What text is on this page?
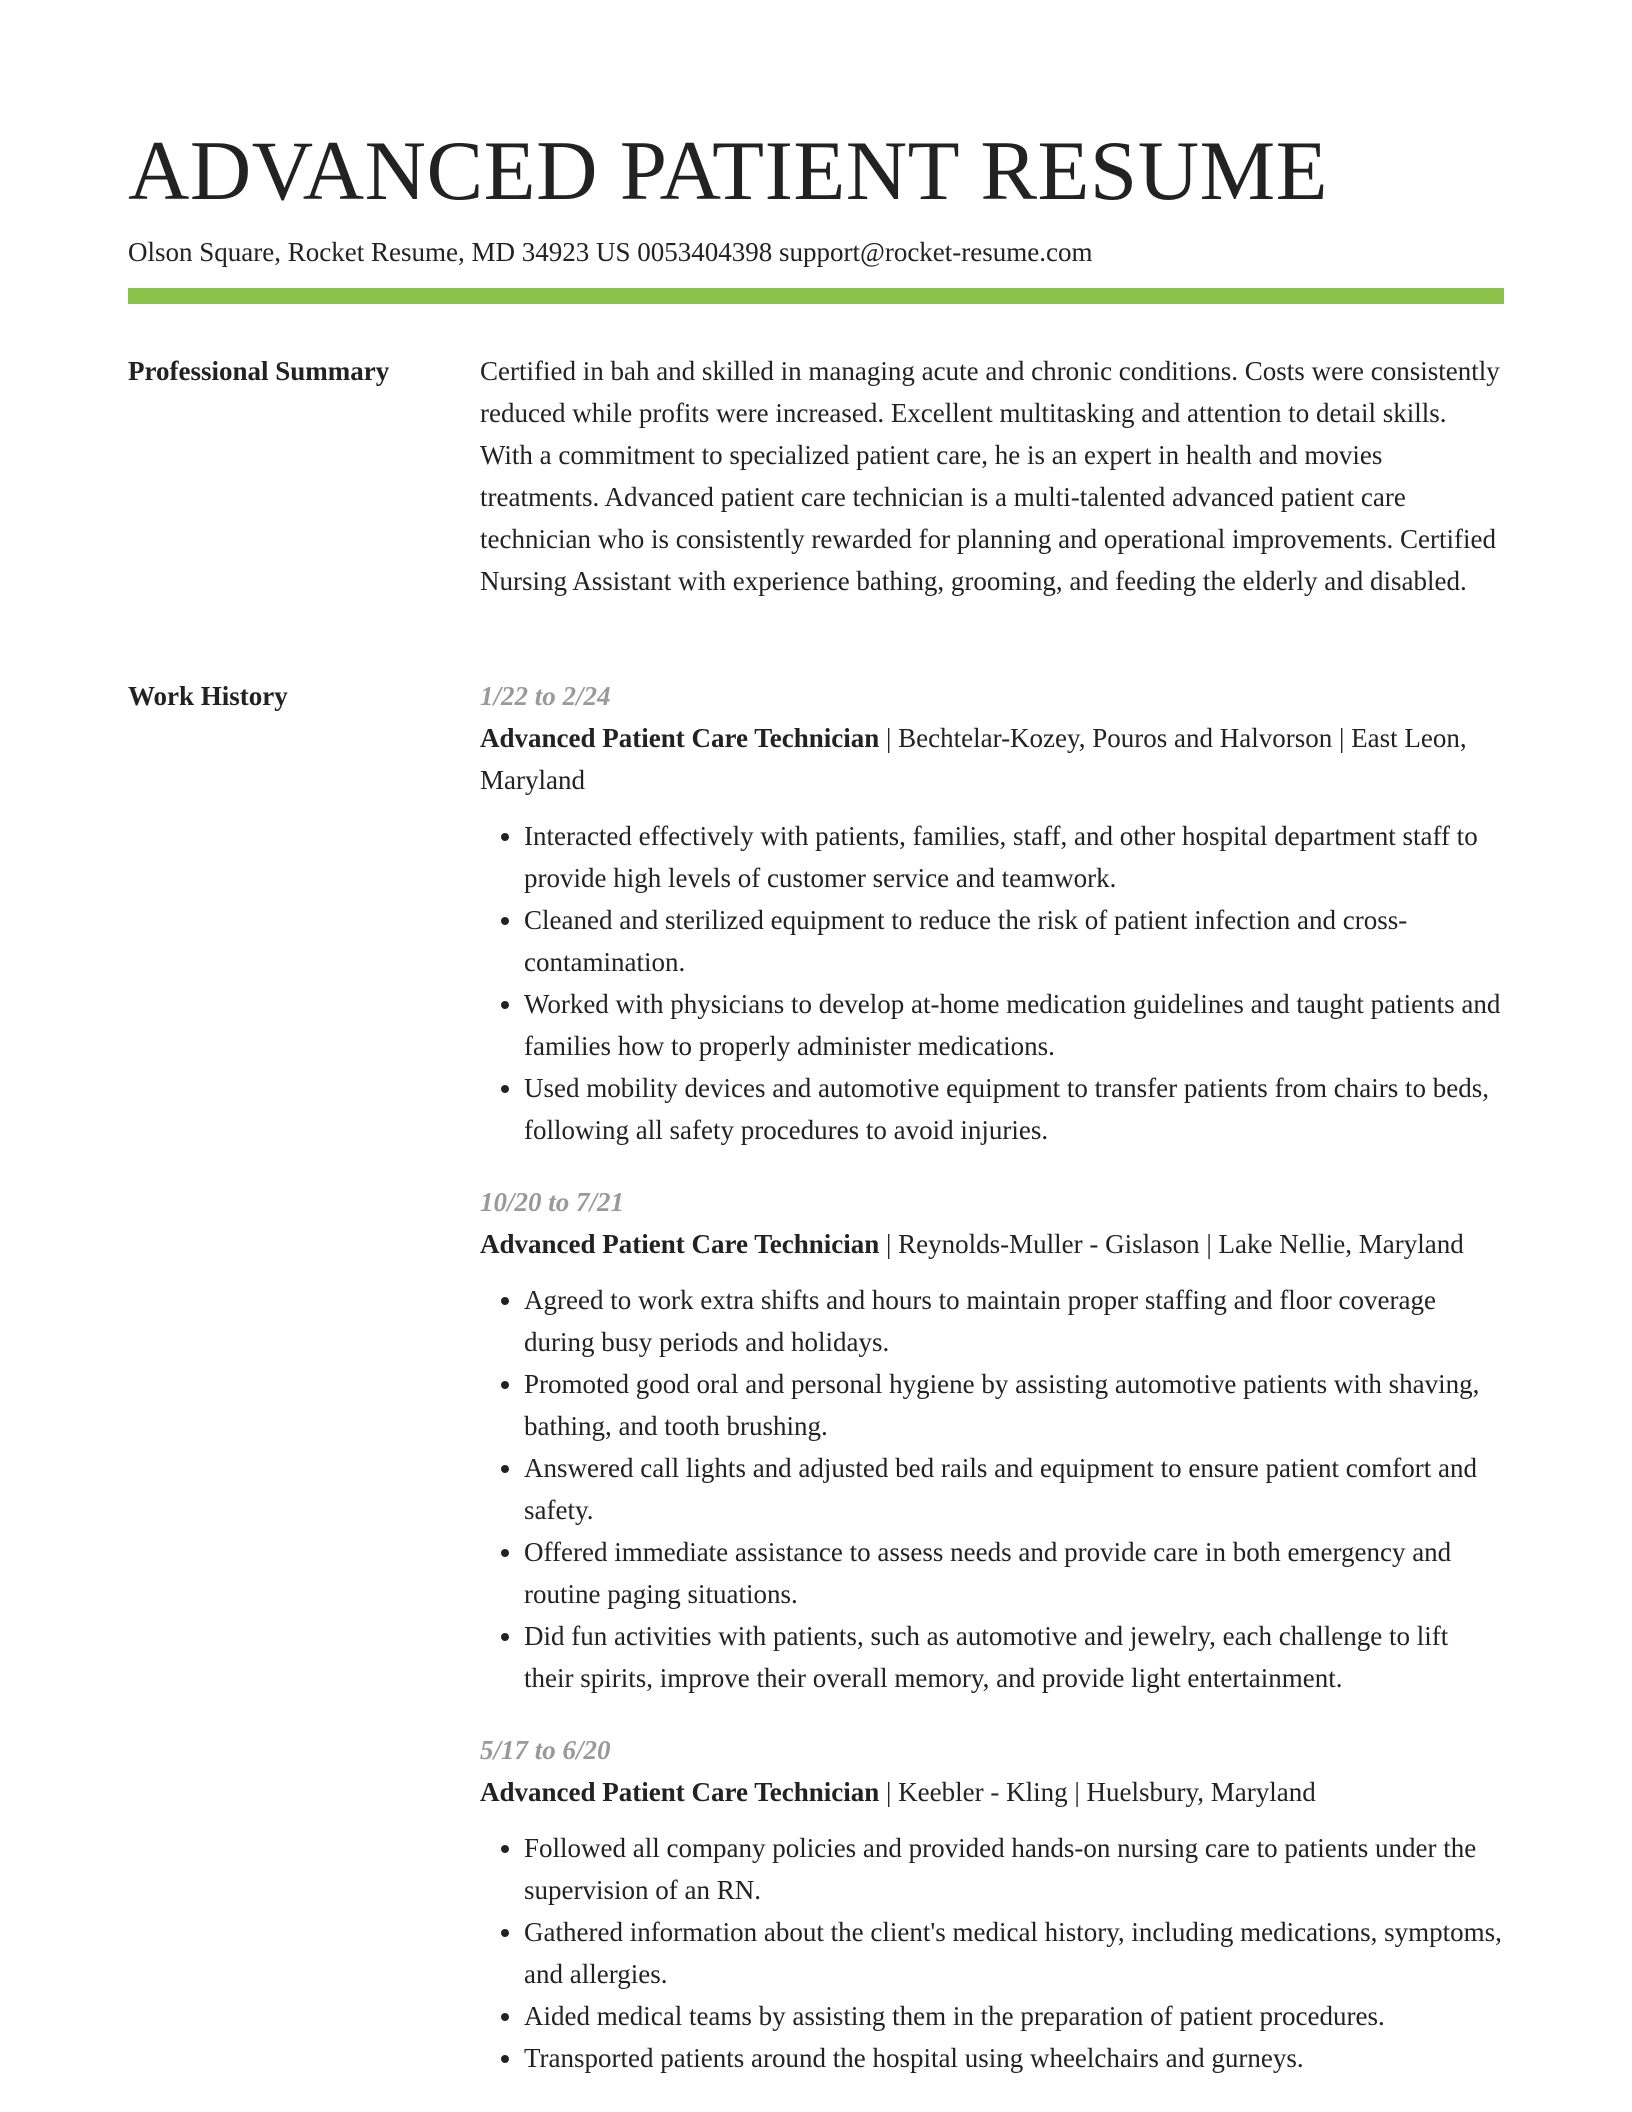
ADVANCED PATIENT RESUME
Olson Square, Rocket Resume, MD 34923 US 0053404398 support@rocket-resume.com
Professional Summary	Certified in bah and skilled in managing acute and chronic conditions. Costs were consistently reduced while profits were increased. Excellent multitasking and attention to detail skills. With a commitment to specialized patient care, he is an expert in health and movies treatments. Advanced patient care technician is a multi-talented advanced patient care technician who is consistently rewarded for planning and operational improvements. Certified Nursing Assistant with experience bathing, grooming, and feeding the elderly and disabled.
Work History	1/22 to 2/24
Advanced Patient Care Technician | Bechtelar-Kozey, Pouros and Halvorson | East Leon, Maryland
• Interacted effectively with patients, families, staff, and other hospital department staff to provide high levels of customer service and teamwork.
• Cleaned and sterilized equipment to reduce the risk of patient infection and cross-contamination.
• Worked with physicians to develop at-home medication guidelines and taught patients and families how to properly administer medications.
• Used mobility devices and automotive equipment to transfer patients from chairs to beds, following all safety procedures to avoid injuries.
10/20 to 7/21
Advanced Patient Care Technician | Reynolds-Muller - Gislason | Lake Nellie, Maryland
• Agreed to work extra shifts and hours to maintain proper staffing and floor coverage during busy periods and holidays.
• Promoted good oral and personal hygiene by assisting automotive patients with shaving, bathing, and tooth brushing.
• Answered call lights and adjusted bed rails and equipment to ensure patient comfort and safety.
• Offered immediate assistance to assess needs and provide care in both emergency and routine paging situations.
• Did fun activities with patients, such as automotive and jewelry, each challenge to lift their spirits, improve their overall memory, and provide light entertainment.
5/17 to 6/20
Advanced Patient Care Technician | Keebler - Kling | Huelsbury, Maryland
• Followed all company policies and provided hands-on nursing care to patients under the supervision of an RN.
• Gathered information about the client's medical history, including medications, symptoms, and allergies.
• Aided medical teams by assisting them in the preparation of patient procedures.
• Transported patients around the hospital using wheelchairs and gurneys.
